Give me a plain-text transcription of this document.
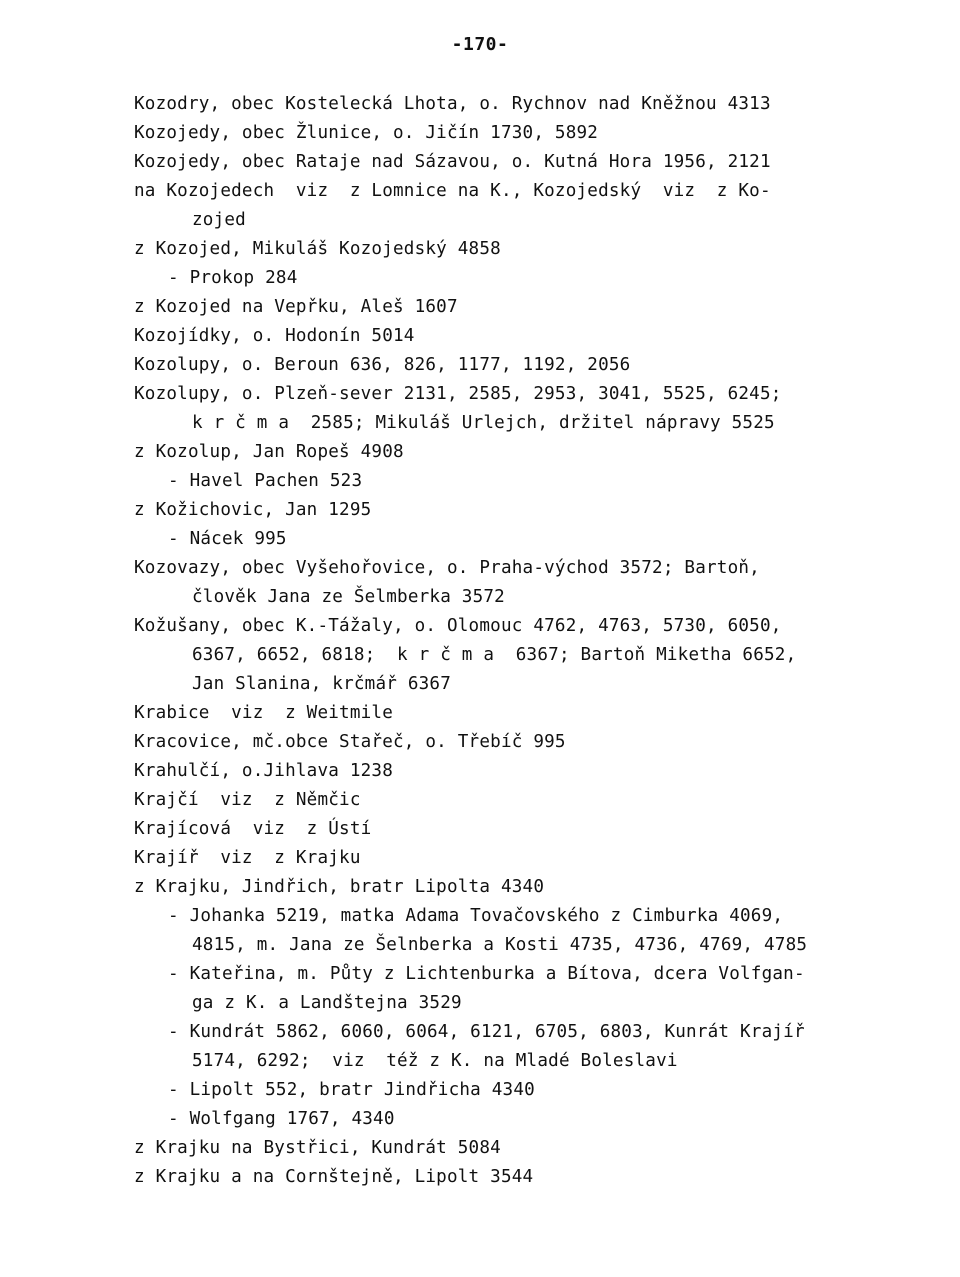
-170-
Kozodry, obec Kostelecká Lhota, o. Rychnov nad Kněžnou 4313
Kozojedy, obec Žlunice, o. Jičín 1730, 5892
Kozojedy, obec Rataje nad Sázavou, o. Kutná Hora 1956, 2121
na Kozojedech  viz  z Lomnice na K., Kozojedský  viz  z Ko-
zojed
z Kozojed, Mikuláš Kozojedský 4858
- Prokop 284
z Kozojed na Vepřku, Aleš 1607
Kozojídky, o. Hodonín 5014
Kozolupy, o. Beroun 636, 826, 1177, 1192, 2056
Kozolupy, o. Plzeň-sever 2131, 2585, 2953, 3041, 5525, 6245;
k r č m a  2585; Mikuláš Urlejch, držitel nápravy 5525
z Kozolup, Jan Ropeš 4908
- Havel Pachen 523
z Kožichovic, Jan 1295
- Nácek 995
Kozovazy, obec Vyšehořovice, o. Praha-východ 3572; Bartoň,
člověk Jana ze Šelmberka 3572
Kožušany, obec K.-Tážaly, o. Olomouc 4762, 4763, 5730, 6050,
6367, 6652, 6818;  k r č m a  6367; Bartoň Miketha 6652,
Jan Slanina, krčmář 6367
Krabice  viz  z Weitmile
Kracovice, mč.obce Stařeč, o. Třebíč 995
Krahulčí, o.Jihlava 1238
Krajčí  viz  z Němčic
Krajícová  viz  z Ústí
Krajíř  viz  z Krajku
z Krajku, Jindřich, bratr Lipolta 4340
- Johanka 5219, matka Adama Tovačovského z Cimburka 4069,
4815, m. Jana ze Šelnberka a Kosti 4735, 4736, 4769, 4785
- Kateřina, m. Půty z Lichtenburka a Bítova, dcera Volfgan-
ga z K. a Landštejna 3529
- Kundrát 5862, 6060, 6064, 6121, 6705, 6803, Kunrát Krajíř
5174, 6292;  viz  též z K. na Mladé Boleslavi
- Lipolt 552, bratr Jindřicha 4340
- Wolfgang 1767, 4340
z Krajku na Bystřici, Kundrát 5084
z Krajku a na Cornštejně, Lipolt 3544
